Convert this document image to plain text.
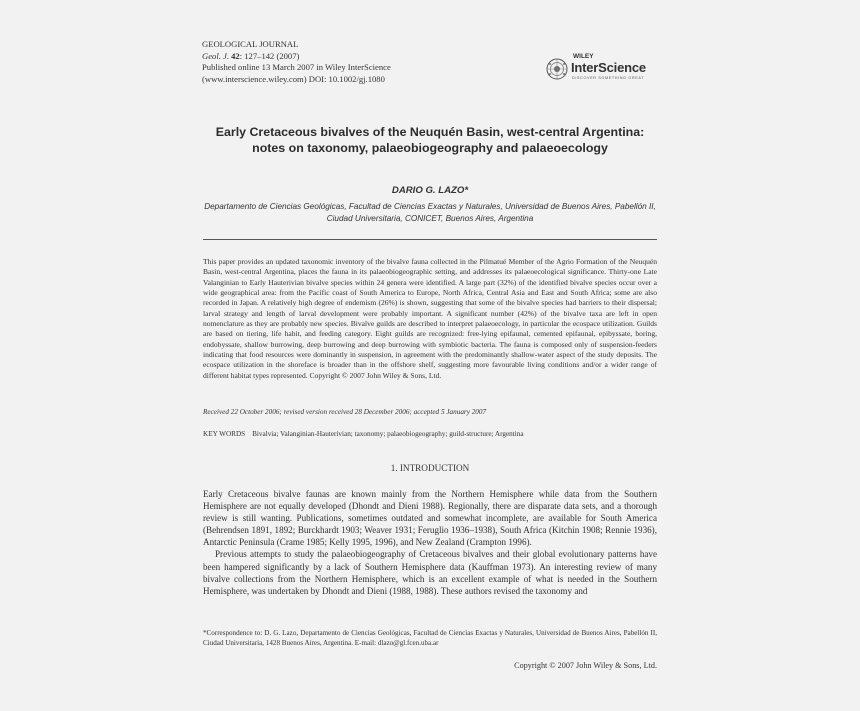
GEOLOGICAL JOURNAL
Geol. J. 42: 127–142 (2007)
Published online 13 March 2007 in Wiley InterScience
(www.interscience.wiley.com) DOI: 10.1002/gj.1080
WILEY
InterScience
DISCOVER SOMETHING GREAT
Early Cretaceous bivalves of the Neuquén Basin, west-central Argentina: notes on taxonomy, palaeobiogeography and palaeoecology
DARIO G. LAZO*
Departamento de Ciencias Geológicas, Facultad de Ciencias Exactas y Naturales, Universidad de Buenos Aires, Pabellón II, Ciudad Universitaria, CONICET, Buenos Aires, Argentina
This paper provides an updated taxonomic inventory of the bivalve fauna collected in the Pilmatué Member of the Agrio Formation of the Neuquén Basin, west-central Argentina, places the fauna in its palaeobiogeographic setting, and addresses its palaeoecological significance. Thirty-one Late Valanginian to Early Hauterivian bivalve species within 24 genera were identified. A large part (32%) of the identified bivalve species occur over a wide geographical area: from the Pacific coast of South America to Europe, North Africa, Central Asia and East and South Africa; some are also recorded in Japan. A relatively high degree of endemism (26%) is shown, suggesting that some of the bivalve species had barriers to their dispersal; larval strategy and length of larval development were probably important. A significant number (42%) of the bivalve taxa are left in open nomenclature as they are probably new species. Bivalve guilds are described to interpret palaeoecology, in particular the ecospace utilization. Guilds are based on tiering, life habit, and feeding category. Eight guilds are recognized: free-lying epifaunal, cemented epifaunal, epibyssate, boring, endobyssate, shallow burrowing, deep burrowing and deep burrowing with symbiotic bacteria. The fauna is composed only of suspension-feeders indicating that food resources were dominantly in suspension, in agreement with the predominantly shallow-water aspect of the study deposits. The ecospace utilization in the shoreface is broader than in the offshore shelf, suggesting more favourable living conditions and/or a wider range of different habitat types represented. Copyright © 2007 John Wiley & Sons, Ltd.
Received 22 October 2006; revised version received 28 December 2006; accepted 5 January 2007
KEY WORDS Bivalvia; Valanginian-Hauterivian; taxonomy; palaeobiogeography; guild-structure; Argentina
1. INTRODUCTION

Early Cretaceous bivalve faunas are known mainly from the Northern Hemisphere while data from the Southern Hemisphere are not equally developed (Dhondt and Dieni 1988). Regionally, there are disparate data sets, and a thorough review is still wanting. Publications, sometimes outdated and somewhat incomplete, are available for South America (Behrendsen 1891, 1892; Burckhardt 1903; Weaver 1931; Feruglio 1936–1938), South Africa (Kitchin 1908; Rennie 1936), Antarctic Peninsula (Crame 1985; Kelly 1995, 1996), and New Zealand (Crampton 1996).

Previous attempts to study the palaeobiogeography of Cretaceous bivalves and their global evolutionary patterns have been hampered significantly by a lack of Southern Hemisphere data (Kauffman 1973). An interesting review of many bivalve collections from the Northern Hemisphere, which is an excellent example of what is needed in the Southern Hemisphere, was undertaken by Dhondt and Dieni (1988, 1988). These authors revised the taxonomy and

*Correspondence to: D. G. Lazo, Departamento de Ciencias Geológicas, Facultad de Ciencias Exactas y Naturales, Universidad de Buenos Aires, Pabellón II, Ciudad Universitaria, 1428 Buenos Aires, Argentina. E-mail: dlazo@gl.fcen.uba.ar
Copyright © 2007 John Wiley & Sons, Ltd.
